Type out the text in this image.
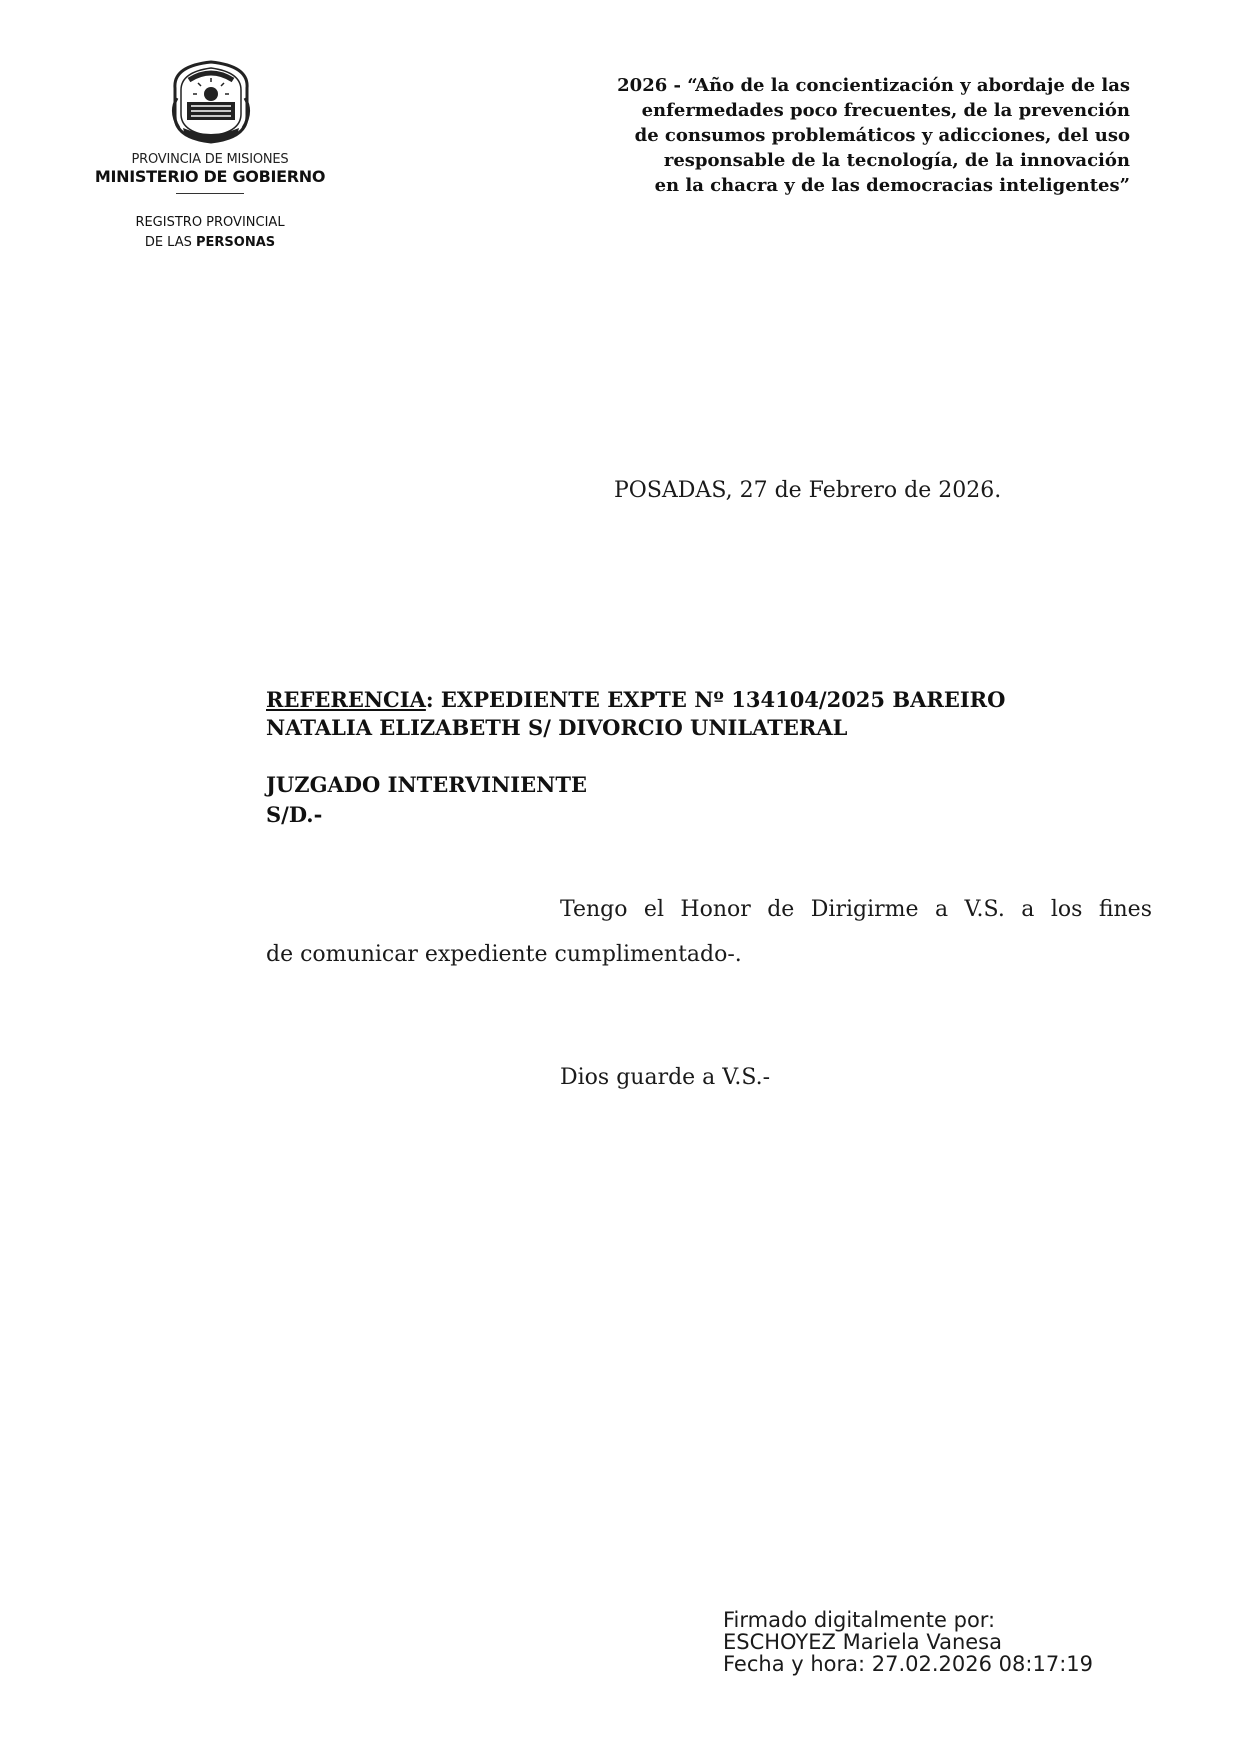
PROVINCIA DE MISIONES
MINISTERIO DE GOBIERNO
REGISTRO PROVINCIAL
DE LAS PERSONAS
2026 - “Año de la concientización y abordaje de las
enfermedades poco frecuentes, de la prevención
de consumos problemáticos y adicciones, del uso
responsable de la tecnología, de la innovación
en la chacra y de las democracias inteligentes”
POSADAS, 27 de Febrero de 2026.
REFERENCIA: EXPEDIENTE EXPTE Nº 134104/2025 BAREIRO
NATALIA ELIZABETH S/ DIVORCIO UNILATERAL
JUZGADO INTERVINIENTE
S/D.-
Tengo el Honor de Dirigirme a V.S. a los fines
de comunicar expediente cumplimentado-.
Dios guarde a V.S.-
Firmado digitalmente por:
ESCHOYEZ Mariela Vanesa
Fecha y hora: 27.02.2026 08:17:19
